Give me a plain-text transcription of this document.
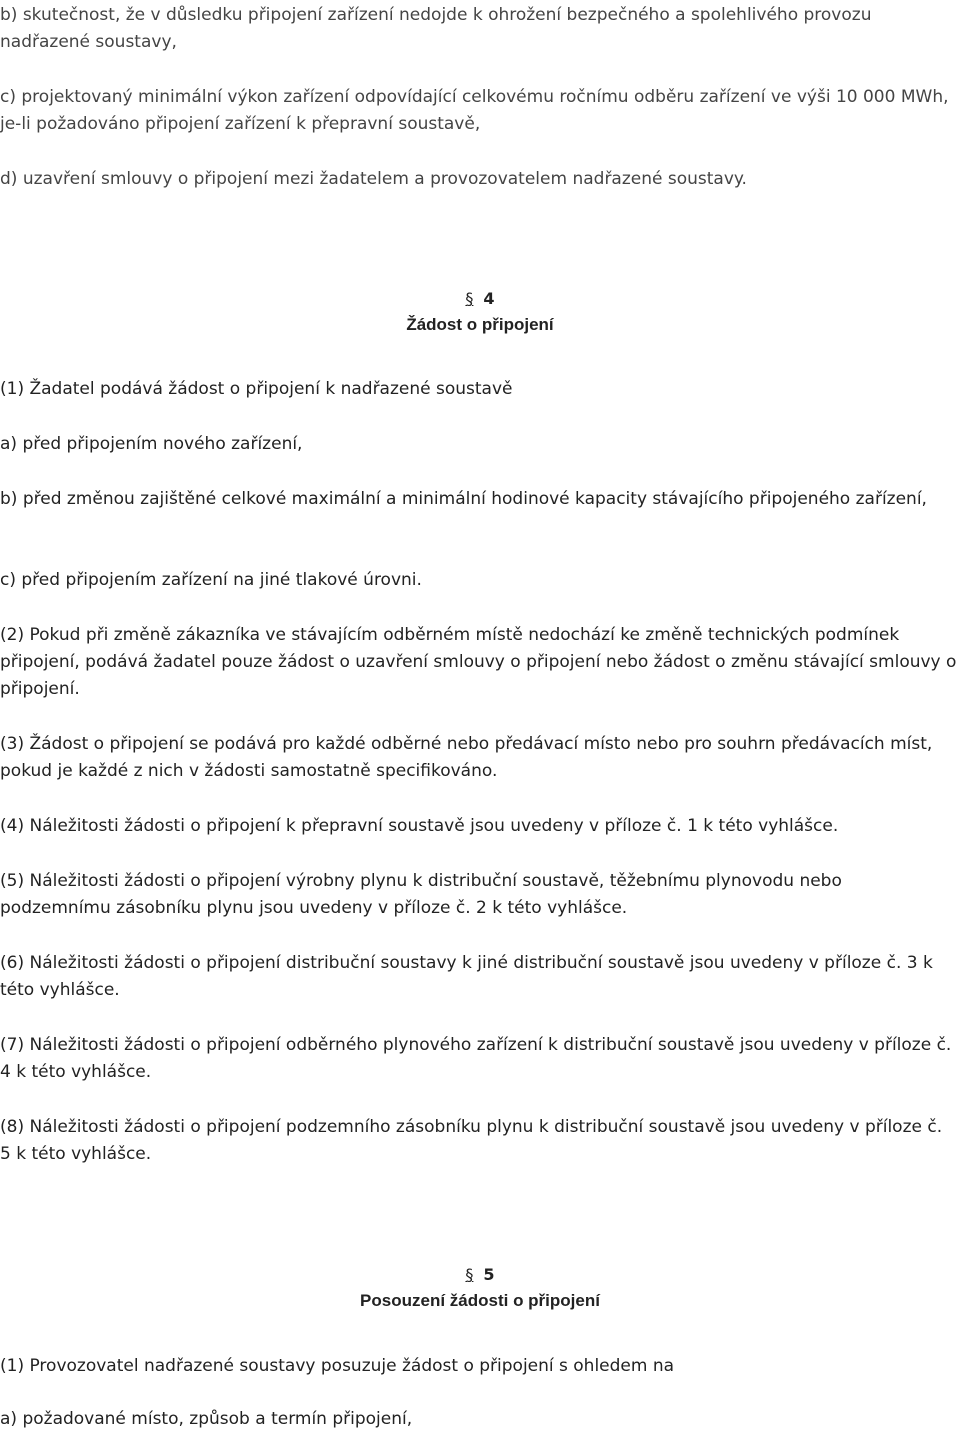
b) skutečnost, že v důsledku připojení zařízení nedojde k ohrožení bezpečného a spolehlivého provozu nadřazené soustavy,

c) projektovaný minimální výkon zařízení odpovídající celkovému ročnímu odběru zařízení ve výši 10 000 MWh, je-li požadováno připojení zařízení k přepravní soustavě,

d) uzavření smlouvy o připojení mezi žadatelem a provozovatelem nadřazené soustavy.

§ 4
Žádost o připojení

(1) Žadatel podává žádost o připojení k nadřazené soustavě

a) před připojením nového zařízení,

b) před změnou zajištěné celkové maximální a minimální hodinové kapacity stávajícího připojeného zařízení,

c) před připojením zařízení na jiné tlakové úrovni.

(2) Pokud při změně zákazníka ve stávajícím odběrném místě nedochází ke změně technických podmínek připojení, podává žadatel pouze žádost o uzavření smlouvy o připojení nebo žádost o změnu stávající smlouvy o připojení.

(3) Žádost o připojení se podává pro každé odběrné nebo předávací místo nebo pro souhrn předávacích míst, pokud je každé z nich v žádosti samostatně specifikováno.

(4) Náležitosti žádosti o připojení k přepravní soustavě jsou uvedeny v příloze č. 1 k této vyhlášce.

(5) Náležitosti žádosti o připojení výrobny plynu k distribuční soustavě, těžebnímu plynovodu nebo podzemnímu zásobníku plynu jsou uvedeny v příloze č. 2 k této vyhlášce.

(6) Náležitosti žádosti o připojení distribuční soustavy k jiné distribuční soustavě jsou uvedeny v příloze č. 3 k této vyhlášce.

(7) Náležitosti žádosti o připojení odběrného plynového zařízení k distribuční soustavě jsou uvedeny v příloze č. 4 k této vyhlášce.

(8) Náležitosti žádosti o připojení podzemního zásobníku plynu k distribuční soustavě jsou uvedeny v příloze č. 5 k této vyhlášce.

§ 5
Posouzení žádosti o připojení

(1) Provozovatel nadřazené soustavy posuzuje žádost o připojení s ohledem na

a) požadované místo, způsob a termín připojení,
